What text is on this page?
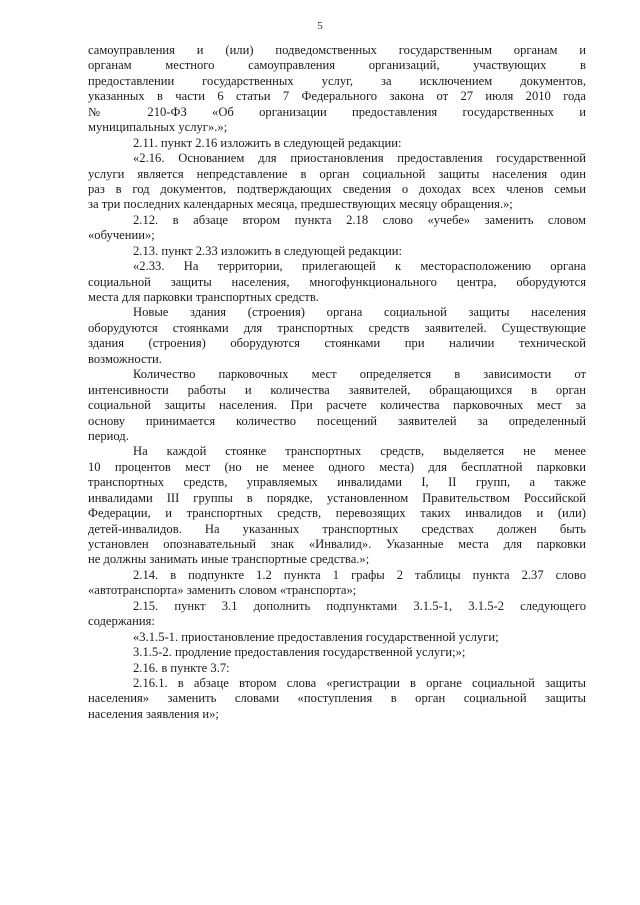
5
самоуправления и (или) подведомственных государственным органам и
органам местного самоуправления организаций, участвующих в
предоставлении государственных услуг, за исключением документов,
указанных в части 6 статьи 7 Федерального закона от 27 июля 2010 года
№ 210-ФЗ «Об организации предоставления государственных и
муниципальных услуг».»;
2.11. пункт 2.16 изложить в следующей редакции:
«2.16. Основанием для приостановления предоставления государственной
услуги является непредставление в орган социальной защиты населения один
раз в год документов, подтверждающих сведения о доходах всех членов семьи
за три последних календарных месяца, предшествующих месяцу обращения.»;
2.12. в абзаце втором пункта 2.18 слово «учебе» заменить словом
«обучении»;
2.13. пункт 2.33 изложить в следующей редакции:
«2.33. На территории, прилегающей к месторасположению органа
социальной защиты населения, многофункционального центра, оборудуются
места для парковки транспортных средств.
Новые здания (строения) органа социальной защиты населения
оборудуются стоянками для транспортных средств заявителей. Существующие
здания (строения) оборудуются стоянками при наличии технической
возможности.
Количество парковочных мест определяется в зависимости от
интенсивности работы и количества заявителей, обращающихся в орган
социальной защиты населения. При расчете количества парковочных мест за
основу принимается количество посещений заявителей за определенный
период.
На каждой стоянке транспортных средств, выделяется не менее
10 процентов мест (но не менее одного места) для бесплатной парковки
транспортных средств, управляемых инвалидами I, II групп, а также
инвалидами III группы в порядке, установленном Правительством Российской
Федерации, и транспортных средств, перевозящих таких инвалидов и (или)
детей-инвалидов. На указанных транспортных средствах должен быть
установлен опознавательный знак «Инвалид». Указанные места для парковки
не должны занимать иные транспортные средства.»;
2.14. в подпункте 1.2 пункта 1 графы 2 таблицы пункта 2.37 слово
«автотранспорта» заменить словом «транспорта»;
2.15. пункт 3.1 дополнить подпунктами 3.1.5-1, 3.1.5-2 следующего
содержания:
«3.1.5-1. приостановление предоставления государственной услуги;
3.1.5-2. продление предоставления государственной услуги;»;
2.16. в пункте 3.7:
2.16.1. в абзаце втором слова «регистрации в органе социальной защиты
населения» заменить словами «поступления в орган социальной защиты
населения заявления и»;
